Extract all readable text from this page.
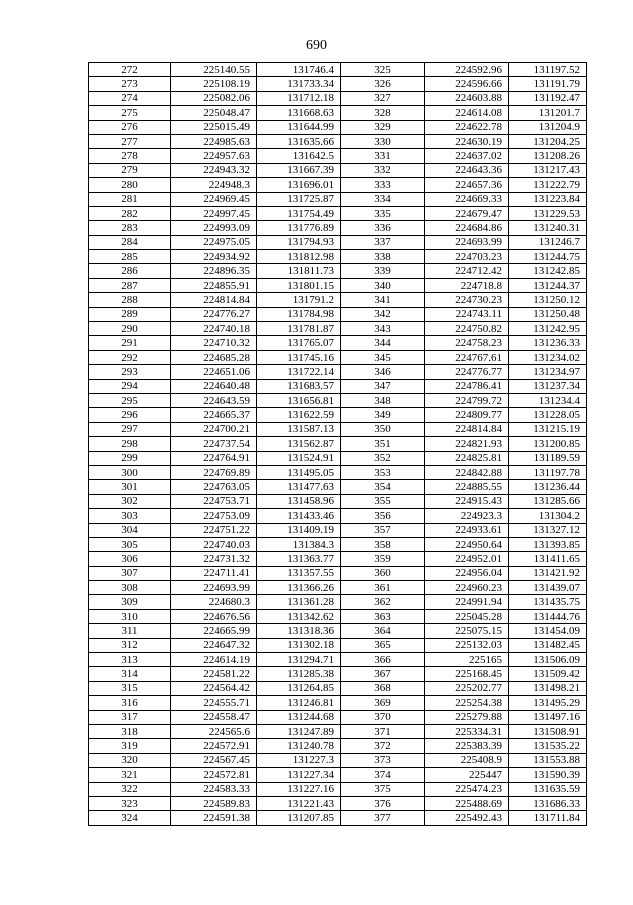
690
272	225140.55	131746.4	325	224592.96	131197.52
273	225108.19	131733.34	326	224596.66	131191.79
274	225082.06	131712.18	327	224603.88	131192.47
275	225048.47	131668.63	328	224614.08	131201.7
276	225015.49	131644.99	329	224622.78	131204.9
277	224985.63	131635.66	330	224630.19	131204.25
278	224957.63	131642.5	331	224637.02	131208.26
279	224943.32	131667.39	332	224643.36	131217.43
280	224948.3	131696.01	333	224657.36	131222.79
281	224969.45	131725.87	334	224669.33	131223.84
282	224997.45	131754.49	335	224679.47	131229.53
283	224993.09	131776.89	336	224684.86	131240.31
284	224975.05	131794.93	337	224693.99	131246.7
285	224934.92	131812.98	338	224703.23	131244.75
286	224896.35	131811.73	339	224712.42	131242.85
287	224855.91	131801.15	340	224718.8	131244.37
288	224814.84	131791.2	341	224730.23	131250.12
289	224776.27	131784.98	342	224743.11	131250.48
290	224740.18	131781.87	343	224750.82	131242.95
291	224710.32	131765.07	344	224758.23	131236.33
292	224685.28	131745.16	345	224767.61	131234.02
293	224651.06	131722.14	346	224776.77	131234.97
294	224640.48	131683.57	347	224786.41	131237.34
295	224643.59	131656.81	348	224799.72	131234.4
296	224665.37	131622.59	349	224809.77	131228.05
297	224700.21	131587.13	350	224814.84	131215.19
298	224737.54	131562.87	351	224821.93	131200.85
299	224764.91	131524.91	352	224825.81	131189.59
300	224769.89	131495.05	353	224842.88	131197.78
301	224763.05	131477.63	354	224885.55	131236.44
302	224753.71	131458.96	355	224915.43	131285.66
303	224753.09	131433.46	356	224923.3	131304.2
304	224751.22	131409.19	357	224933.61	131327.12
305	224740.03	131384.3	358	224950.64	131393.85
306	224731.32	131363.77	359	224952.01	131411.65
307	224711.41	131357.55	360	224956.04	131421.92
308	224693.99	131366.26	361	224960.23	131439.07
309	224680.3	131361.28	362	224991.94	131435.75
310	224676.56	131342.62	363	225045.28	131444.76
311	224665.99	131318.36	364	225075.15	131454.09
312	224647.32	131302.18	365	225132.03	131482.45
313	224614.19	131294.71	366	225165	131506.09
314	224581.22	131285.38	367	225168.45	131509.42
315	224564.42	131264.85	368	225202.77	131498.21
316	224555.71	131246.81	369	225254.38	131495.29
317	224558.47	131244.68	370	225279.88	131497.16
318	224565.6	131247.89	371	225334.31	131508.91
319	224572.91	131240.78	372	225383.39	131535.22
320	224567.45	131227.3	373	225408.9	131553.88
321	224572.81	131227.34	374	225447	131590.39
322	224583.33	131227.16	375	225474.23	131635.59
323	224589.83	131221.43	376	225488.69	131686.33
324	224591.38	131207.85	377	225492.43	131711.84
